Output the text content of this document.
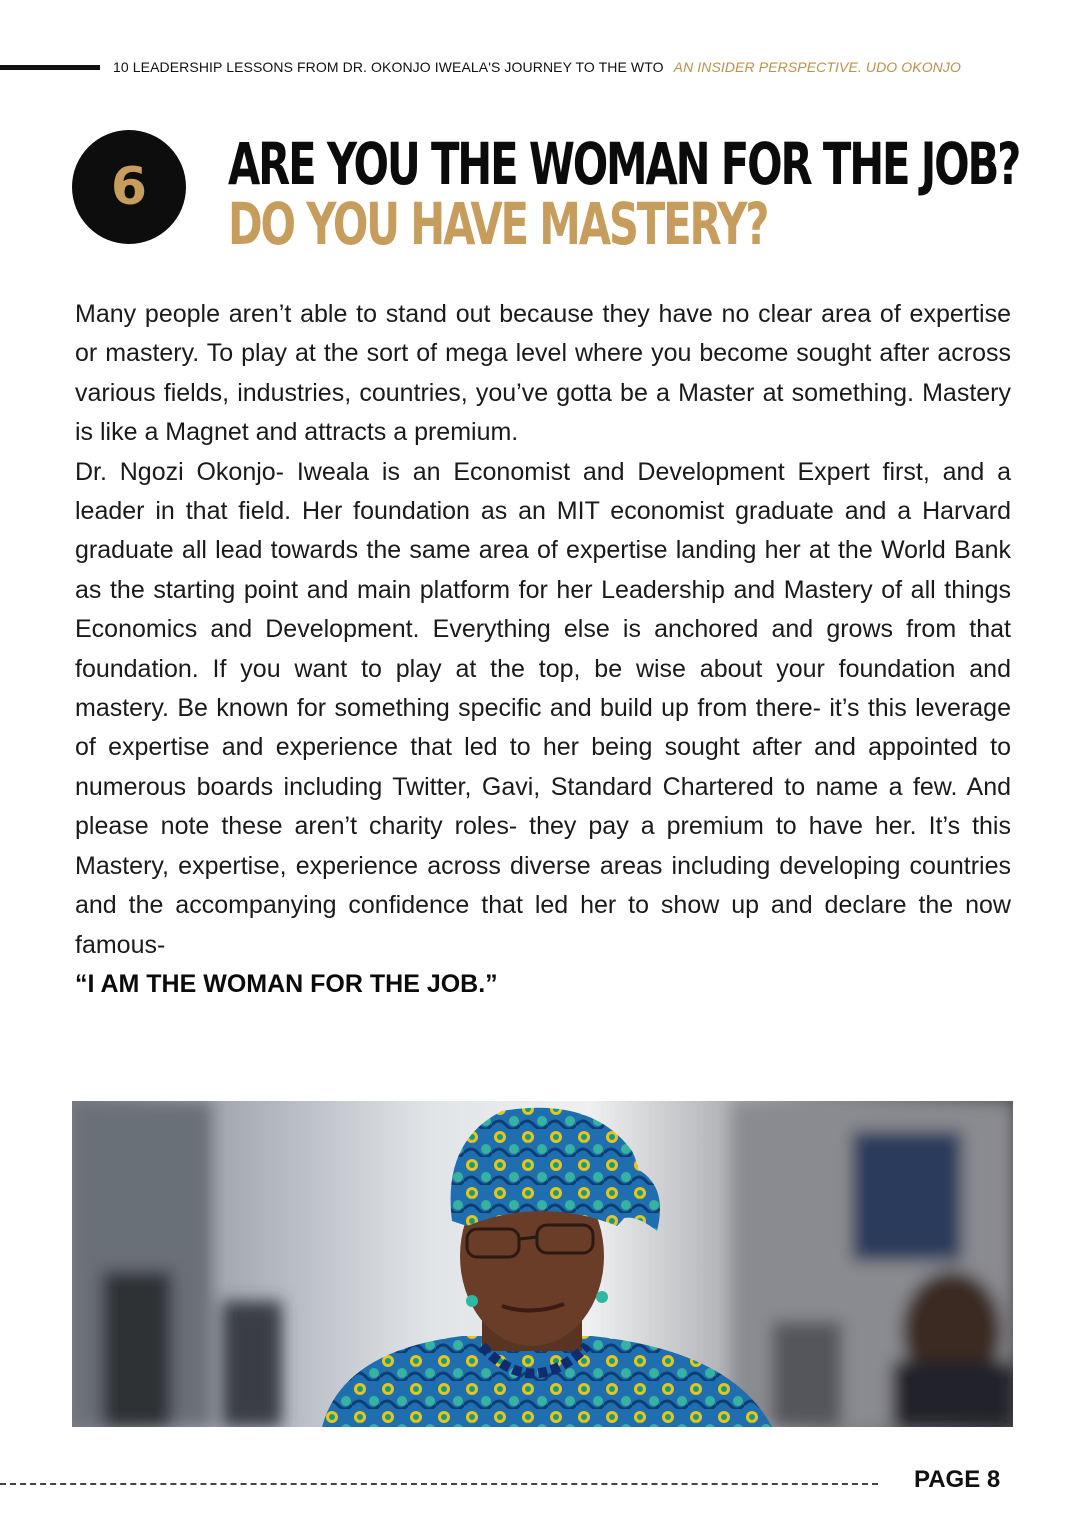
10 LEADERSHIP LESSONS FROM DR. OKONJO IWEALA'S JOURNEY TO THE WTO AN INSIDER PERSPECTIVE. UDO OKONJO
6 ARE YOU THE WOMAN FOR THE JOB?
DO YOU HAVE MASTERY?

Many people aren’t able to stand out because they have no clear area of expertise or mastery. To play at the sort of mega level where you become sought after across various fields, industries, countries, you’ve gotta be a Master at something. Mastery is like a Magnet and attracts a premium.

Dr. Ngozi Okonjo- Iweala is an Economist and Development Expert first, and a leader in that field. Her foundation as an MIT economist graduate and a Harvard graduate all lead towards the same area of expertise landing her at the World Bank as the starting point and main platform for her Leadership and Mastery of all things Economics and Development. Everything else is anchored and grows from that foundation. If you want to play at the top, be wise about your foundation and mastery. Be known for something specific and build up from there- it’s this leverage of expertise and experience that led to her being sought after and appointed to numerous boards including Twitter, Gavi, Standard Chartered to name a few. And please note these aren’t charity roles- they pay a premium to have her. It’s this Mastery, expertise, experience across diverse areas including developing countries and the accompanying confidence that led her to show up and declare the now famous-

“I AM THE WOMAN FOR THE JOB.”

PAGE 8
